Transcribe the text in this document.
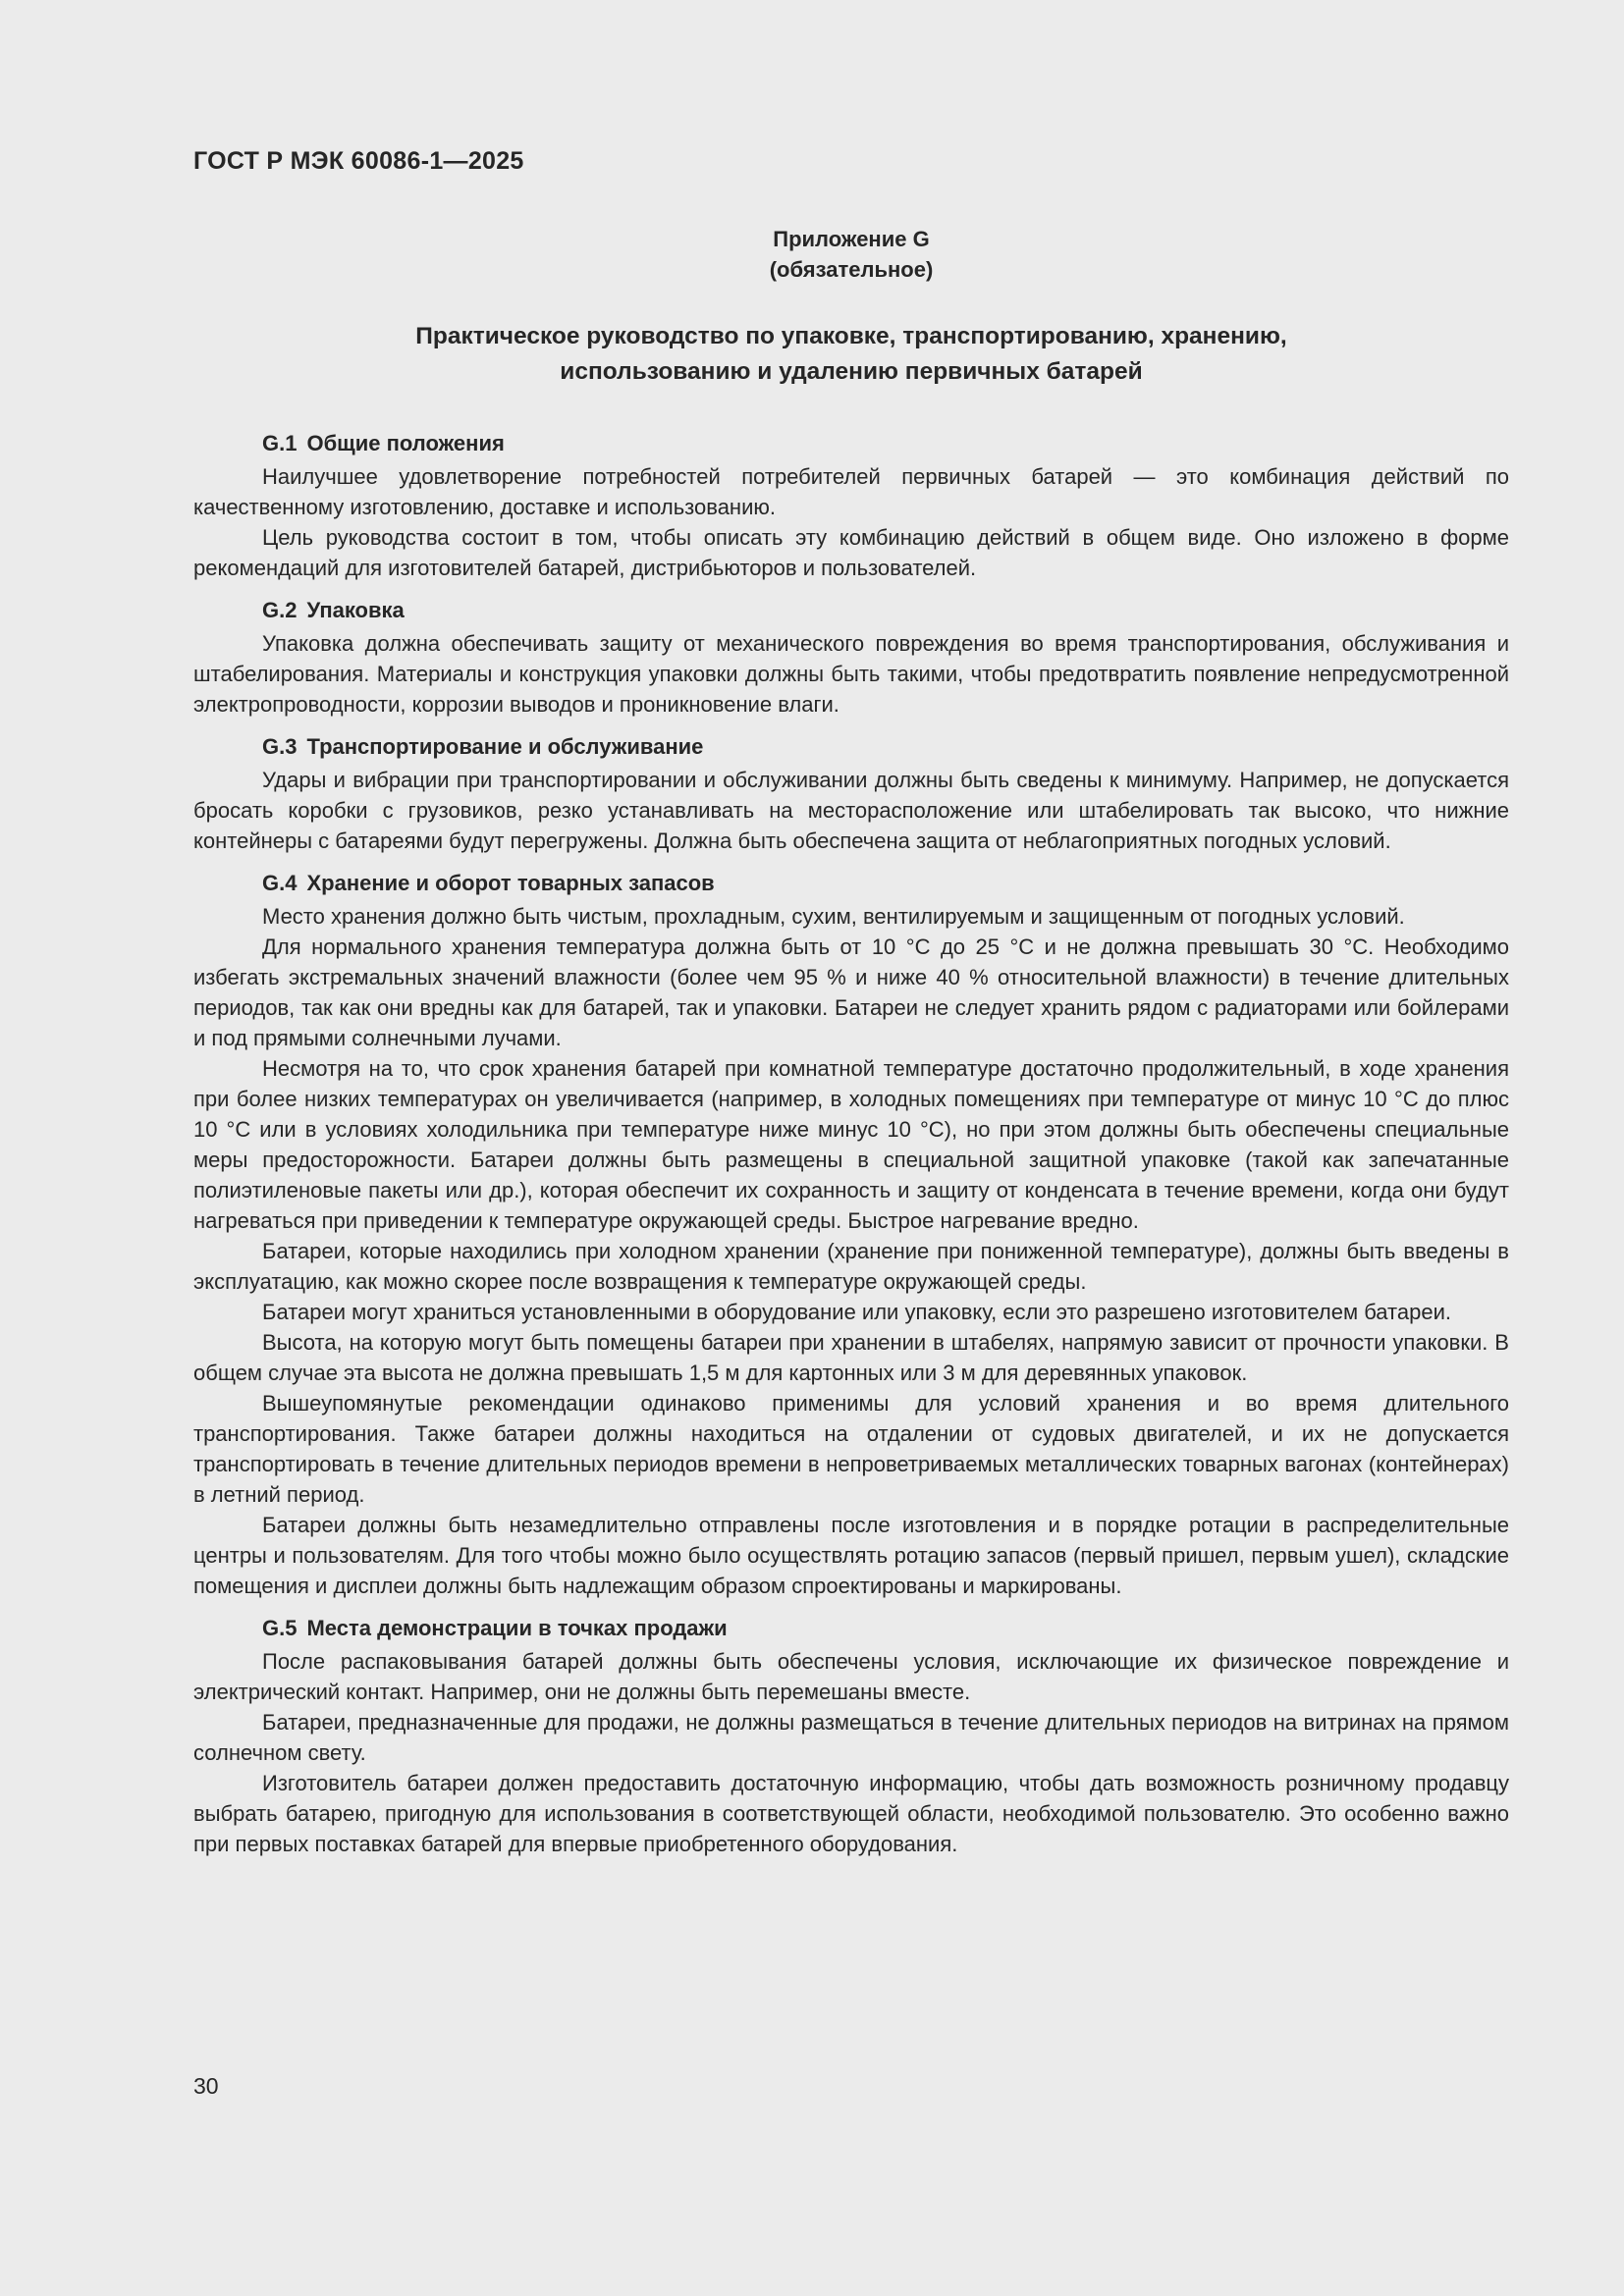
ГОСТ Р МЭК 60086-1—2025
Приложение G
(обязательное)
Практическое руководство по упаковке, транспортированию, хранению,
использованию и удалению первичных батарей
G.1 Общие положения

Наилучшее удовлетворение потребностей потребителей первичных батарей — это комбинация действий по качественному изготовлению, доставке и использованию.

Цель руководства состоит в том, чтобы описать эту комбинацию действий в общем виде. Оно изложено в форме рекомендаций для изготовителей батарей, дистрибьюторов и пользователей.

G.2 Упаковка

Упаковка должна обеспечивать защиту от механического повреждения во время транспортирования, обслуживания и штабелирования. Материалы и конструкция упаковки должны быть такими, чтобы предотвратить появление непредусмотренной электропроводности, коррозии выводов и проникновение влаги.

G.3 Транспортирование и обслуживание

Удары и вибрации при транспортировании и обслуживании должны быть сведены к минимуму. Например, не допускается бросать коробки с грузовиков, резко устанавливать на месторасположение или штабелировать так высоко, что нижние контейнеры с батареями будут перегружены. Должна быть обеспечена защита от неблагоприятных погодных условий.

G.4 Хранение и оборот товарных запасов

Место хранения должно быть чистым, прохладным, сухим, вентилируемым и защищенным от погодных условий.

Для нормального хранения температура должна быть от 10 °С до 25 °С и не должна превышать 30 °С. Необходимо избегать экстремальных значений влажности (более чем 95 % и ниже 40 % относительной влажности) в течение длительных периодов, так как они вредны как для батарей, так и упаковки. Батареи не следует хранить рядом с радиаторами или бойлерами и под прямыми солнечными лучами.

Несмотря на то, что срок хранения батарей при комнатной температуре достаточно продолжительный, в ходе хранения при более низких температурах он увеличивается (например, в холодных помещениях при температуре от минус 10 °С до плюс 10 °С или в условиях холодильника при температуре ниже минус 10 °С), но при этом должны быть обеспечены специальные меры предосторожности. Батареи должны быть размещены в специальной защитной упаковке (такой как запечатанные полиэтиленовые пакеты или др.), которая обеспечит их сохранность и защиту от конденсата в течение времени, когда они будут нагреваться при приведении к температуре окружающей среды. Быстрое нагревание вредно.

Батареи, которые находились при холодном хранении (хранение при пониженной температуре), должны быть введены в эксплуатацию, как можно скорее после возвращения к температуре окружающей среды.

Батареи могут храниться установленными в оборудование или упаковку, если это разрешено изготовителем батареи.

Высота, на которую могут быть помещены батареи при хранении в штабелях, напрямую зависит от прочности упаковки. В общем случае эта высота не должна превышать 1,5 м для картонных или 3 м для деревянных упаковок.

Вышеупомянутые рекомендации одинаково применимы для условий хранения и во время длительного транспортирования. Также батареи должны находиться на отдалении от судовых двигателей, и их не допускается транспортировать в течение длительных периодов времени в непроветриваемых металлических товарных вагонах (контейнерах) в летний период.

Батареи должны быть незамедлительно отправлены после изготовления и в порядке ротации в распределительные центры и пользователям. Для того чтобы можно было осуществлять ротацию запасов (первый пришел, первым ушел), складские помещения и дисплеи должны быть надлежащим образом спроектированы и маркированы.

G.5 Места демонстрации в точках продажи

После распаковывания батарей должны быть обеспечены условия, исключающие их физическое повреждение и электрический контакт. Например, они не должны быть перемешаны вместе.

Батареи, предназначенные для продажи, не должны размещаться в течение длительных периодов на витринах на прямом солнечном свету.

Изготовитель батареи должен предоставить достаточную информацию, чтобы дать возможность розничному продавцу выбрать батарею, пригодную для использования в соответствующей области, необходимой пользователю. Это особенно важно при первых поставках батарей для впервые приобретенного оборудования.

30
